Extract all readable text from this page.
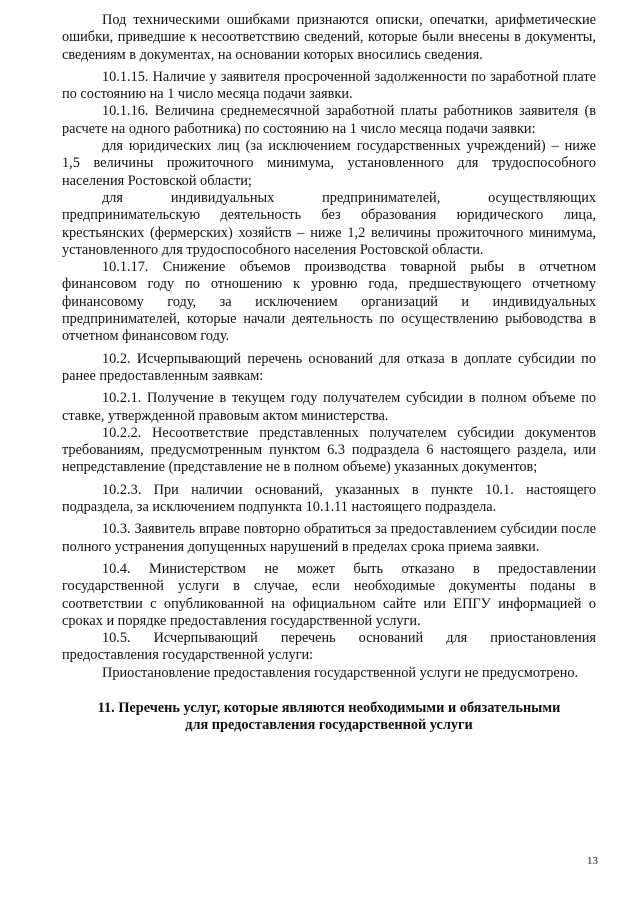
Под техническими ошибками признаются описки, опечатки, арифметические ошибки, приведшие к несоответствию сведений, которые были внесены в документы, сведениям в документах, на основании которых вносились сведения.

10.1.15. Наличие у заявителя просроченной задолженности по заработной плате по состоянию на 1 число месяца подачи заявки.

10.1.16. Величина среднемесячной заработной платы работников заявителя (в расчете на одного работника) по состоянию на 1 число месяца подачи заявки:

для юридических лиц (за исключением государственных учреждений) – ниже 1,5 величины прожиточного минимума, установленного для трудоспособного населения Ростовской области;

для индивидуальных предпринимателей, осуществляющих предпринимательскую деятельность без образования юридического лица, крестьянских (фермерских) хозяйств – ниже 1,2 величины прожиточного минимума, установленного для трудоспособного населения Ростовской области.

10.1.17. Снижение объемов производства товарной рыбы в отчетном финансовом году по отношению к уровню года, предшествующего отчетному финансовому году, за исключением организаций и индивидуальных предпринимателей, которые начали деятельность по осуществлению рыбоводства в отчетном финансовом году.

10.2. Исчерпывающий перечень оснований для отказа в доплате субсидии по ранее предоставленным заявкам:

10.2.1. Получение в текущем году получателем субсидии в полном объеме по ставке, утвержденной правовым актом министерства.

10.2.2. Несоответствие представленных получателем субсидии документов требованиям, предусмотренным пунктом 6.3 подраздела 6 настоящего раздела, или непредставление (представление не в полном объеме) указанных документов;

10.2.3. При наличии оснований, указанных в пункте 10.1. настоящего подраздела, за исключением подпункта 10.1.11 настоящего подраздела.

10.3. Заявитель вправе повторно обратиться за предоставлением субсидии после полного устранения допущенных нарушений в пределах срока приема заявки.

10.4. Министерством не может быть отказано в предоставлении государственной услуги в случае, если необходимые документы поданы в соответствии с опубликованной на официальном сайте или ЕПГУ информацией о сроках и порядке предоставления государственной услуги.

10.5. Исчерпывающий перечень оснований для приостановления предоставления государственной услуги:

Приостановление предоставления государственной услуги не предусмотрено.

11. Перечень услуг, которые являются необходимыми и обязательными
для предоставления государственной услуги
13
